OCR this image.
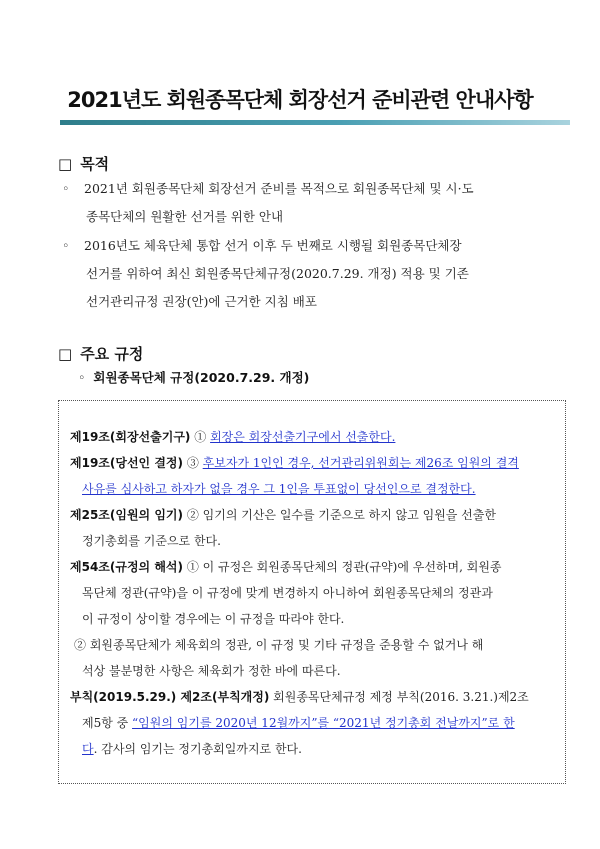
2021년도 회원종목단체 회장선거 준비관련 안내사항
□ 목적
◦ 2021년 회원종목단체 회장선거 준비를 목적으로 회원종목단체 및 시·도
종목단체의 원활한 선거를 위한 안내
◦ 2016년도 체육단체 통합 선거 이후 두 번째로 시행될 회원종목단체장
선거를 위하여 최신 회원종목단체규정(2020.7.29. 개정) 적용 및 기존
선거관리규정 권장(안)에 근거한 지침 배포
□ 주요 규정
◦ 회원종목단체 규정(2020.7.29. 개정)
제19조(회장선출기구) ① 회장은 회장선출기구에서 선출한다.
제19조(당선인 결정) ③ 후보자가 1인인 경우, 선거관리위원회는 제26조 임원의 결격
사유를 심사하고 하자가 없을 경우 그 1인을 투표없이 당선인으로 결정한다.
제25조(임원의 임기) ② 임기의 기산은 일수를 기준으로 하지 않고 임원을 선출한
정기총회를 기준으로 한다.
제54조(규정의 해석) ① 이 규정은 회원종목단체의 정관(규약)에 우선하며, 회원종
목단체 정관(규약)을 이 규정에 맞게 변경하지 아니하여 회원종목단체의 정관과
이 규정이 상이할 경우에는 이 규정을 따라야 한다.
② 회원종목단체가 체육회의 정관, 이 규정 및 기타 규정을 준용할 수 없거나 해
석상 불분명한 사항은 체육회가 정한 바에 따른다.
부칙(2019.5.29.) 제2조(부칙개정) 회원종목단체규정 제정 부칙(2016. 3.21.)제2조
제5항 중 “임원의 임기를 2020년 12월까지”를 “2021년 정기총회 전날까지”로 한
다. 감사의 임기는 정기총회일까지로 한다.
